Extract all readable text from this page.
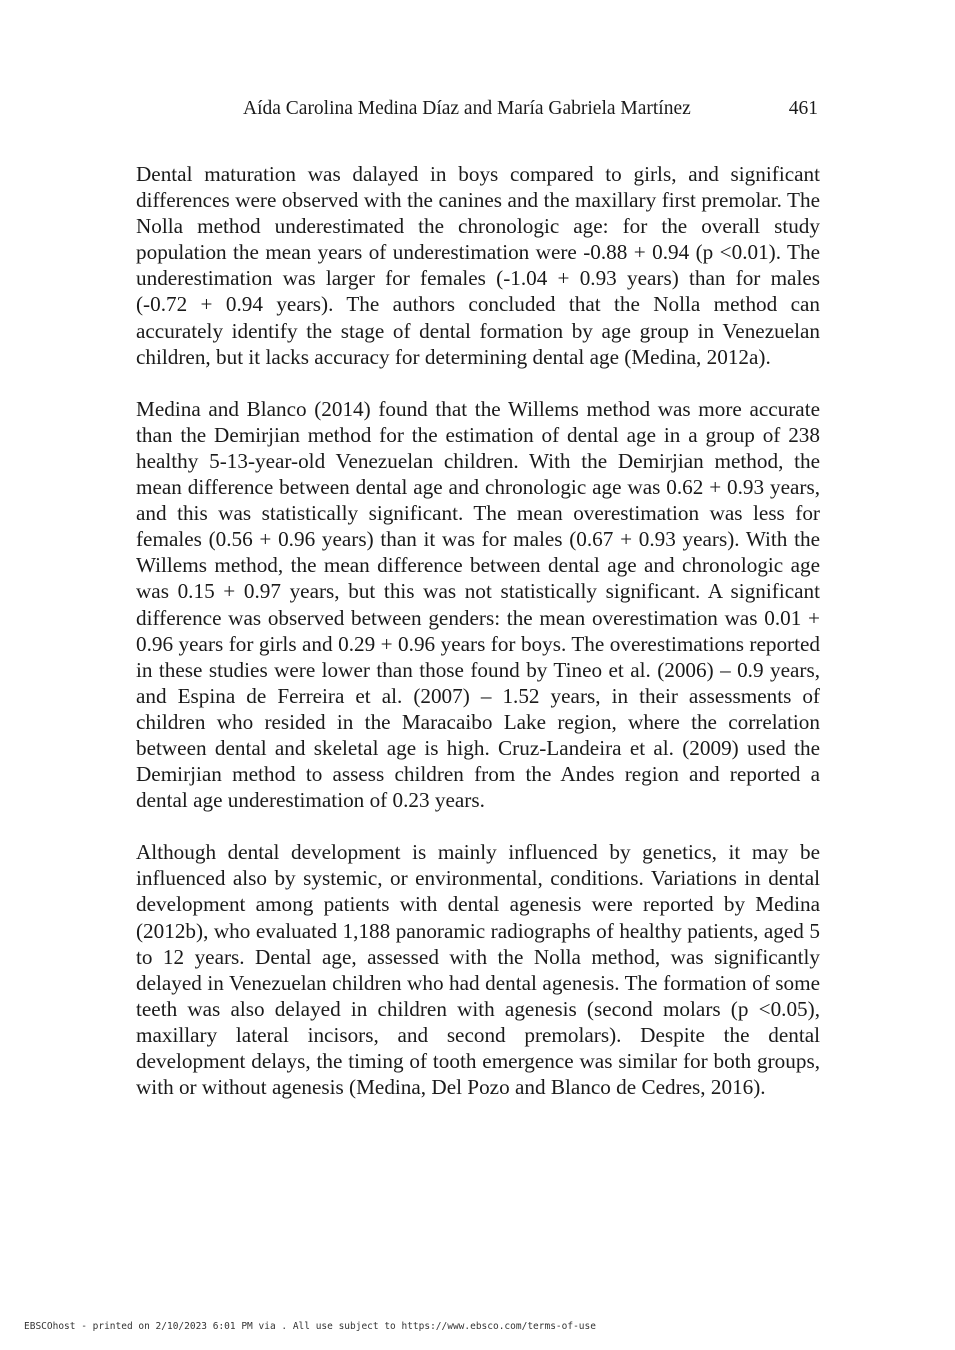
Aída Carolina Medina Díaz and María Gabriela Martínez	461

Dental maturation was dalayed in boys compared to girls, and significant differences were observed with the canines and the maxillary first premolar. The Nolla method underestimated the chronologic age: for the overall study population the mean years of underestimation were -0.88 + 0.94 (p <0.01). The underestimation was larger for females (-1.04 + 0.93 years) than for males (-0.72 + 0.94 years). The authors concluded that the Nolla method can accurately identify the stage of dental formation by age group in Venezuelan children, but it lacks accuracy for determining dental age (Medina, 2012a).

Medina and Blanco (2014) found that the Willems method was more accurate than the Demirjian method for the estimation of dental age in a group of 238 healthy 5-13-year-old Venezuelan children. With the Demirjian method, the mean difference between dental age and chronologic age was 0.62 + 0.93 years, and this was statistically significant. The mean overestimation was less for females (0.56 + 0.96 years) than it was for males (0.67 + 0.93 years). With the Willems method, the mean difference between dental age and chronologic age was 0.15 + 0.97 years, but this was not statistically significant. A significant difference was observed between genders: the mean overestimation was 0.01 + 0.96 years for girls and 0.29 + 0.96 years for boys. The overestimations reported in these studies were lower than those found by Tineo et al. (2006) – 0.9 years, and Espina de Ferreira et al. (2007) – 1.52 years, in their assessments of children who resided in the Maracaibo Lake region, where the correlation between dental and skeletal age is high. Cruz-Landeira et al. (2009) used the Demirjian method to assess children from the Andes region and reported a dental age underestimation of 0.23 years.

Although dental development is mainly influenced by genetics, it may be influenced also by systemic, or environmental, conditions. Variations in dental development among patients with dental agenesis were reported by Medina (2012b), who evaluated 1,188 panoramic radiographs of healthy patients, aged 5 to 12 years. Dental age, assessed with the Nolla method, was significantly delayed in Venezuelan children who had dental agenesis. The formation of some teeth was also delayed in children with agenesis (second molars (p <0.05), maxillary lateral incisors, and second premolars). Despite the dental development delays, the timing of tooth emergence was similar for both groups, with or without agenesis (Medina, Del Pozo and Blanco de Cedres, 2016).

EBSCOhost - printed on 2/10/2023 6:01 PM via . All use subject to https://www.ebsco.com/terms-of-use
